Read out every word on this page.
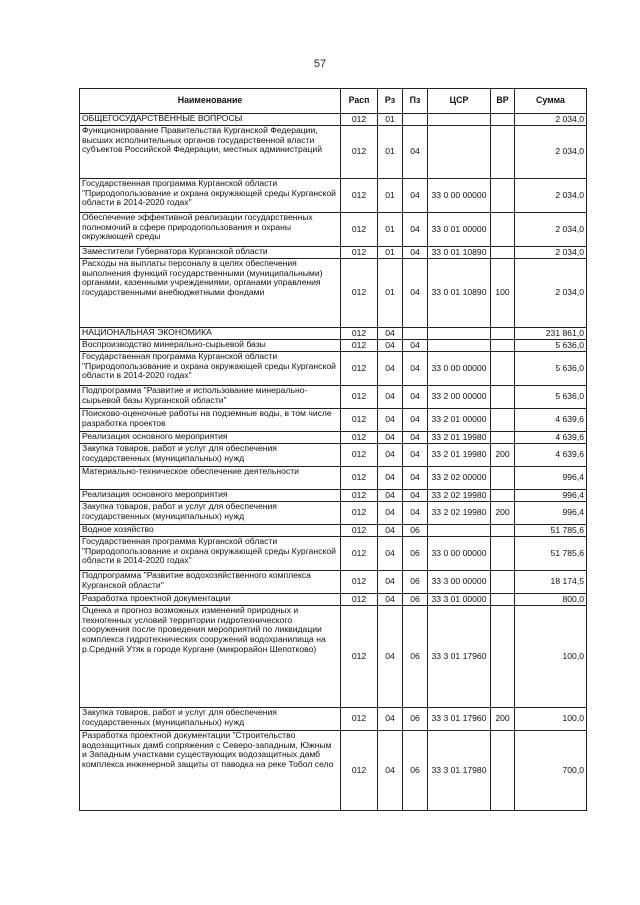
57
Наименование	Расп	Рз	Пз	ЦСР	ВР	Сумма
ОБЩЕГОСУДАРСТВЕННЫЕ ВОПРОСЫ	012	01				2 034,0
Функционирование Правительства Курганской Федерации, высших исполнительных органов государственной власти субъектов Российской Федерации, местных администраций	012	01	04			2 034,0
Государственная программа Курганской области "Природопользование и охрана окружающей среды Курганской области в 2014-2020 годах"	012	01	04	33 0 00 00000		2 034,0
Обеспечение эффективной реализации государственных полномочий в сфере природопользования и охраны окружающей среды	012	01	04	33 0 01 00000		2 034,0
Заместители Губернатора Курганской области	012	01	04	33 0 01 10890		2 034,0
Расходы на выплаты персоналу в целях обеспечения выполнения функций государственными (муниципальными) органами, казенными учреждениями, органами управления государственными внебюджетными фондами	012	01	04	33 0 01 10890	100	2 034,0
НАЦИОНАЛЬНАЯ ЭКОНОМИКА	012	04				231 861,0
Воспроизводство минерально-сырьевой базы	012	04	04			5 636,0
Государственная программа Курганской области "Природопользование и охрана окружающей среды Курганской области в 2014-2020 годах"	012	04	04	33 0 00 00000		5 636,0
Подпрограмма "Развитие и использование минерально-сырьевой базы Курганской области"	012	04	04	33 2 00 00000		5 636,0
Поисково-оценочные работы на подземные воды, в том числе разработка проектов	012	04	04	33 2 01 00000		4 639,6
Реализация основного мероприятия	012	04	04	33 2 01 19980		4 639,6
Закупка товаров, работ и услуг для обеспечения государственных (муниципальных) нужд	012	04	04	33 2 01 19980	200	4 639,6
Материально-техническое обеспечение деятельности	012	04	04	33 2 02 00000		996,4
Реализация основного мероприятия	012	04	04	33 2 02 19980		996,4
Закупка товаров, работ и услуг для обеспечения государственных (муниципальных) нужд	012	04	04	33 2 02 19980	200	996,4
Водное хозяйство	012	04	06			51 785,6
Государственная программа Курганской области "Природопользование и охрана окружающей среды Курганской области в 2014-2020 годах"	012	04	06	33 0 00 00000		51 785,6
Подпрограмма "Развитие водохозяйственного комплекса Курганской области"	012	04	06	33 3 00 00000		18 174,5
Разработка проектной документации	012	04	06	33 3 01 00000		800,0
Оценка и прогноз возможных изменений природных и техногенных условий территории гидротехнического сооружения после проведения мероприятий по ликвидации комплекса гидротехнических сооружений водохранилища на р.Средний Утяк в городе Кургане (микрорайон Шепотково)	012	04	06	33 3 01 17960		100,0
Закупка товаров, работ и услуг для обеспечения государственных (муниципальных) нужд	012	04	06	33 3 01 17960	200	100,0
Разработка проектной документации "Строительство водозащитных дамб сопряжения с Северо-западным, Южным и Западным участками существующих водозащитных дамб комплекса инженерной защиты от паводка на реке Тобол село	012	04	06	33 3 01 17980		700,0
